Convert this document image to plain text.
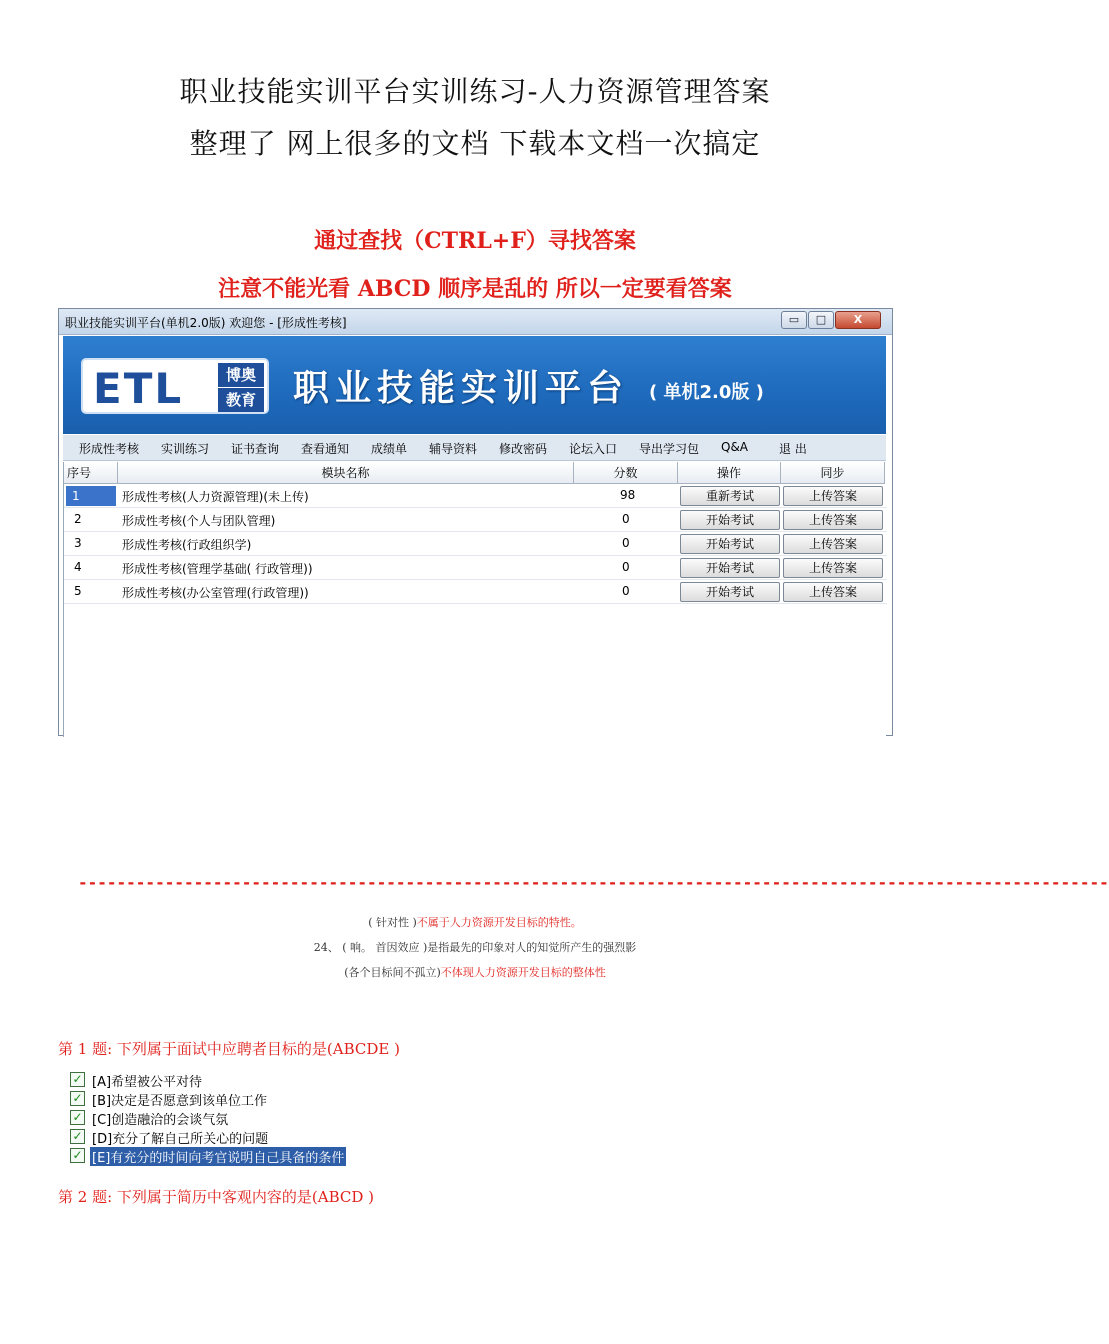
职业技能实训平台实训练习-人力资源管理答案
整理了 网上很多的文档 下载本文档一次搞定
通过查找（CTRL+F）寻找答案
注意不能光看 ABCD 顺序是乱的 所以一定要看答案
职业技能实训平台(单机2.0版) 欢迎您 - [形成性考核]	▭	□	X
ETL	博奥
教育 职业技能实训平台 ( 单机2.0版 )
形成性考核 实训练习 证书查询 查看通知 成绩单 辅导资料 修改密码 论坛入口 导出学习包 Q&A	退 出
序号	模块名称	分数	操作	同步
1	形成性考核(人力资源管理)(未上传)	98	重新考试	上传答案
2	形成性考核(个人与团队管理)	0	开始考试	上传答案
3	形成性考核(行政组织学)	0	开始考试	上传答案
4	形成性考核(管理学基础( 行政管理))	0	开始考试	上传答案
5	形成性考核(办公室管理(行政管理))	0	开始考试	上传答案
-----------------------------------------------------------------------------------------------------------
( 针对性 )不属于人力资源开发目标的特性。
24、 ( 响。 首因效应 )是指最先的印象对人的知觉所产生的强烈影
(各个目标间不孤立)不体现人力资源开发目标的整体性
第 1 题: 下列属于面试中应聘者目标的是(ABCDE )
✓ [A]希望被公平对待
✓ [B]决定是否愿意到该单位工作
✓ [C]创造融洽的会谈气氛
✓ [D]充分了解自己所关心的问题
✓ [E]有充分的时间向考官说明自己具备的条件
第 2 题: 下列属于简历中客观内容的是(ABCD )
